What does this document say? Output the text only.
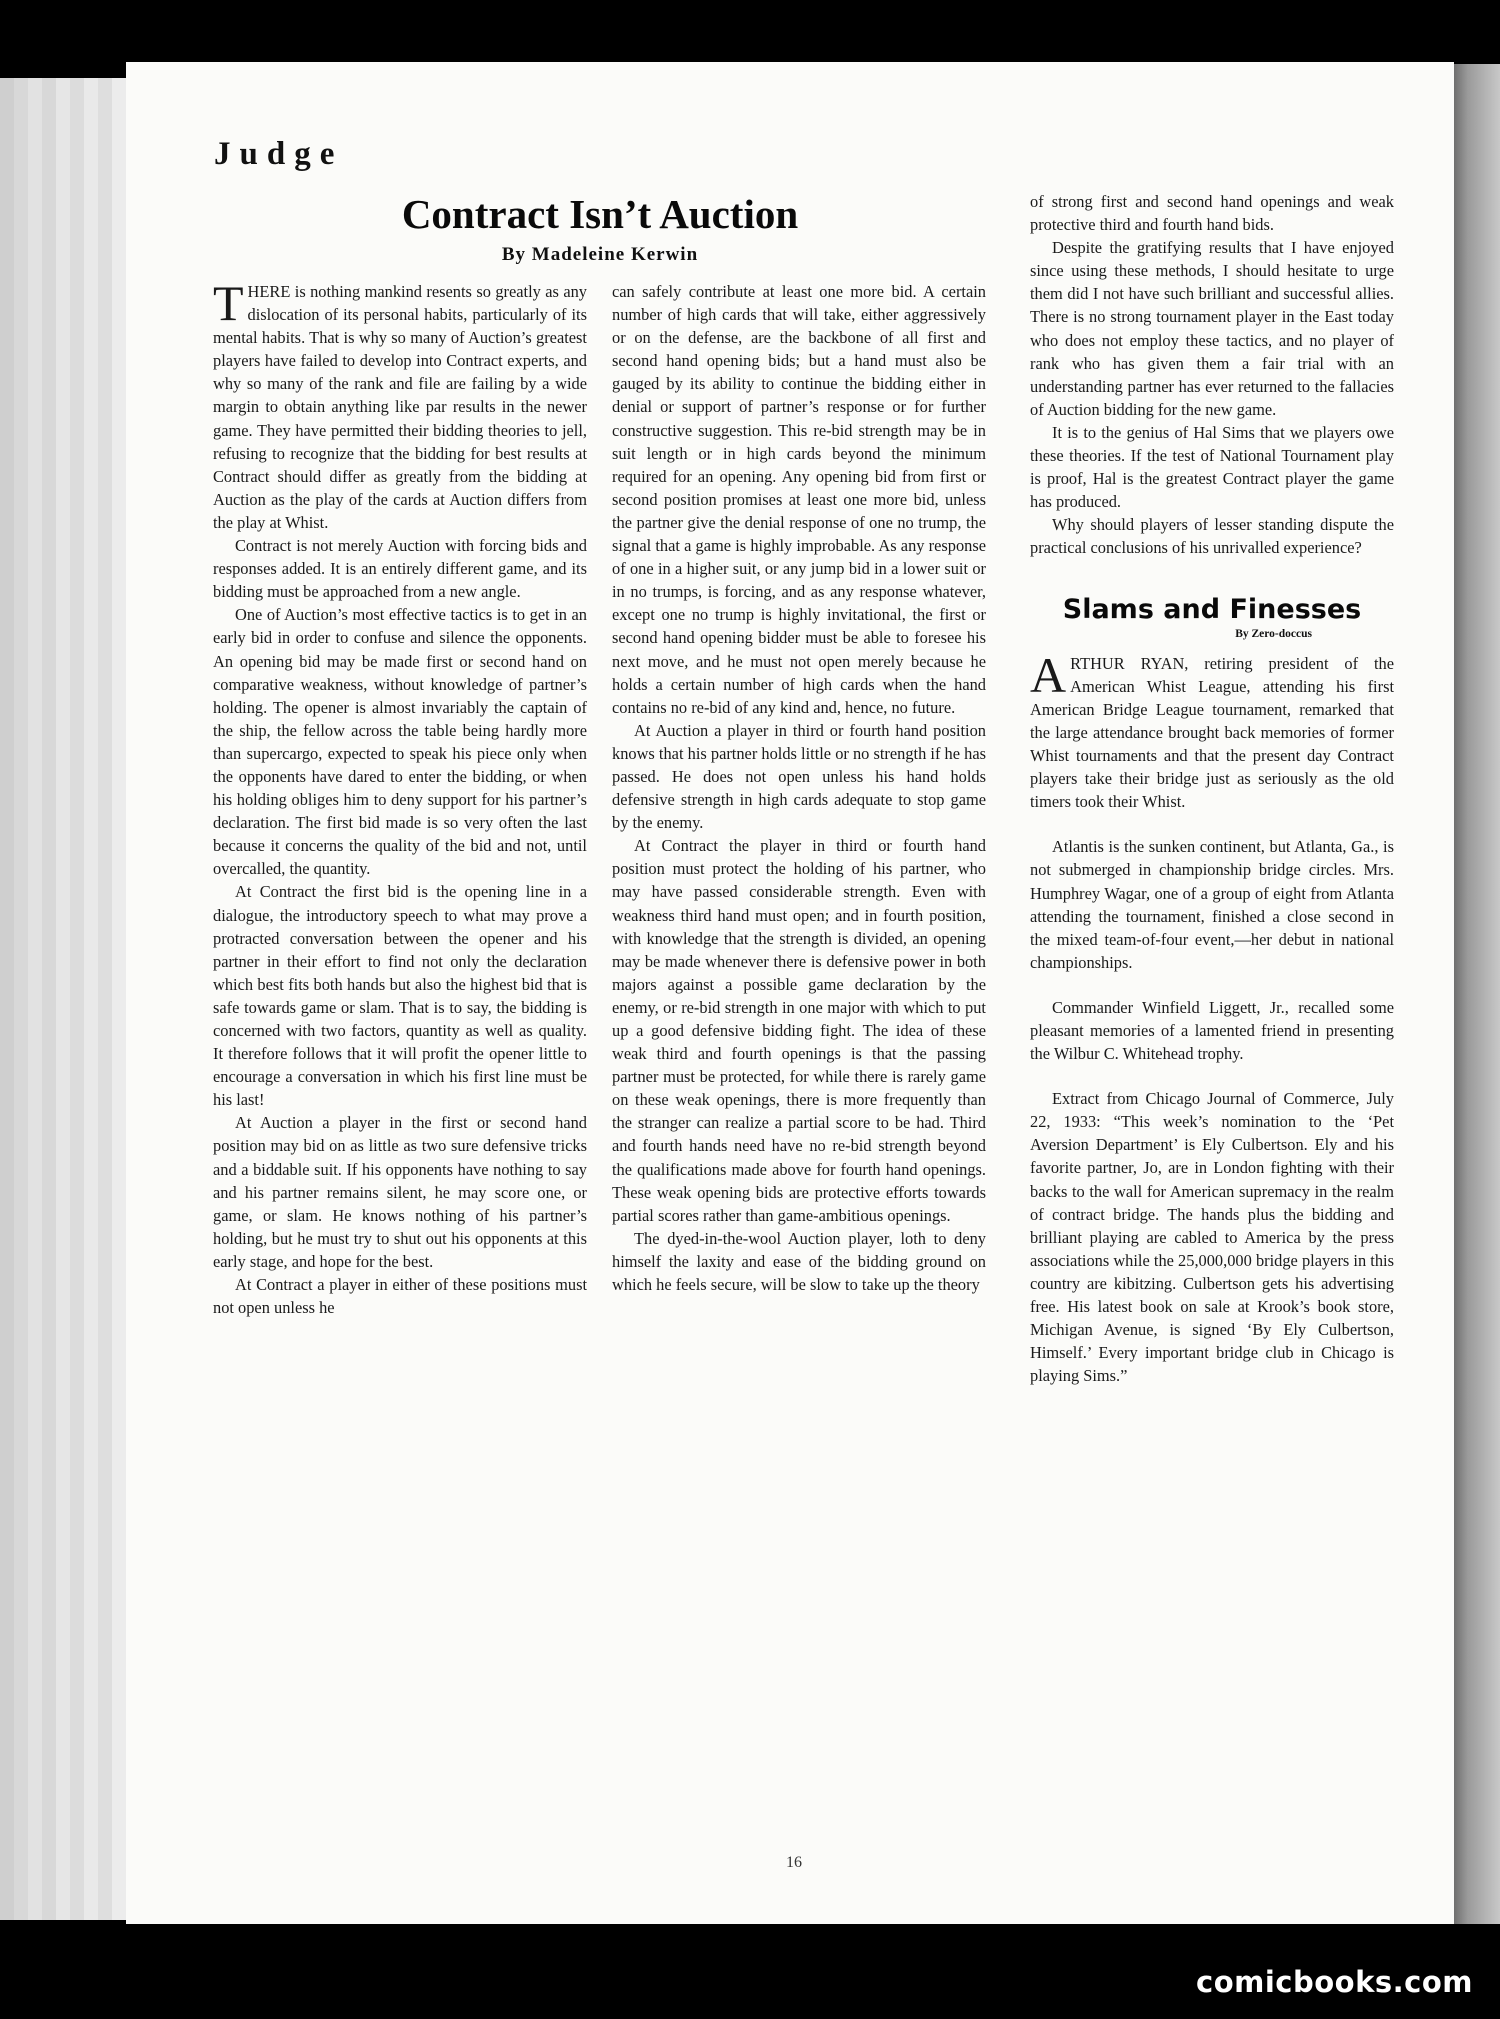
Judge
Contract Isn’t Auction
By Madeleine Kerwin

THERE is nothing mankind resents so greatly as any dislocation of its personal habits, particularly of its mental habits. That is why so many of Auction’s greatest players have failed to develop into Contract experts, and why so many of the rank and file are failing by a wide margin to obtain anything like par results in the newer game. They have permitted their bidding theories to jell, refusing to recognize that the bidding for best results at Contract should differ as greatly from the bidding at Auction as the play of the cards at Auction differs from the play at Whist.

Contract is not merely Auction with forcing bids and responses added. It is an entirely different game, and its bidding must be approached from a new angle.

One of Auction’s most effective tactics is to get in an early bid in order to confuse and silence the opponents. An opening bid may be made first or second hand on comparative weakness, without knowledge of partner’s holding. The opener is almost invariably the captain of the ship, the fellow across the table being hardly more than supercargo, expected to speak his piece only when the opponents have dared to enter the bidding, or when his holding obliges him to deny support for his partner’s declaration. The first bid made is so very often the last because it concerns the quality of the bid and not, until overcalled, the quantity.

At Contract the first bid is the opening line in a dialogue, the introductory speech to what may prove a protracted conversation between the opener and his partner in their effort to find not only the declaration which best fits both hands but also the highest bid that is safe towards game or slam. That is to say, the bidding is concerned with two factors, quantity as well as quality. It therefore follows that it will profit the opener little to encourage a conversation in which his first line must be his last!

At Auction a player in the first or second hand position may bid on as little as two sure defensive tricks and a biddable suit. If his opponents have nothing to say and his partner remains silent, he may score one, or game, or slam. He knows nothing of his partner’s holding, but he must try to shut out his opponents at this early stage, and hope for the best.

At Contract a player in either of these positions must not open unless he

can safely contribute at least one more bid. A certain number of high cards that will take, either aggressively or on the defense, are the backbone of all first and second hand opening bids; but a hand must also be gauged by its ability to continue the bidding either in denial or support of partner’s response or for further constructive suggestion. This re-bid strength may be in suit length or in high cards beyond the minimum required for an opening. Any opening bid from first or second position promises at least one more bid, unless the partner give the denial response of one no trump, the signal that a game is highly improbable. As any response of one in a higher suit, or any jump bid in a lower suit or in no trumps, is forcing, and as any response whatever, except one no trump is highly invitational, the first or second hand opening bidder must be able to foresee his next move, and he must not open merely because he holds a certain number of high cards when the hand contains no re-bid of any kind and, hence, no future.

At Auction a player in third or fourth hand position knows that his partner holds little or no strength if he has passed. He does not open unless his hand holds defensive strength in high cards adequate to stop game by the enemy.

At Contract the player in third or fourth hand position must protect the holding of his partner, who may have passed considerable strength. Even with weakness third hand must open; and in fourth position, with knowledge that the strength is divided, an opening may be made whenever there is defensive power in both majors against a possible game declaration by the enemy, or re-bid strength in one major with which to put up a good defensive bidding fight. The idea of these weak third and fourth openings is that the passing partner must be protected, for while there is rarely game on these weak openings, there is more frequently than the stranger can realize a partial score to be had. Third and fourth hands need have no re-bid strength beyond the qualifications made above for fourth hand openings. These weak opening bids are protective efforts towards partial scores rather than game-ambitious openings.

The dyed-in-the-wool Auction player, loth to deny himself the laxity and ease of the bidding ground on which he feels secure, will be slow to take up the theory

of strong first and second hand openings and weak protective third and fourth hand bids.

Despite the gratifying results that I have enjoyed since using these methods, I should hesitate to urge them did I not have such brilliant and successful allies. There is no strong tournament player in the East today who does not employ these tactics, and no player of rank who has given them a fair trial with an understanding partner has ever returned to the fallacies of Auction bidding for the new game.

It is to the genius of Hal Sims that we players owe these theories. If the test of National Tournament play is proof, Hal is the greatest Contract player the game has produced.

Why should players of lesser standing dispute the practical conclusions of his unrivalled experience?

Slams and Finesses
By Zero-doccus

ARTHUR RYAN, retiring president of the American Whist League, attending his first American Bridge League tournament, remarked that the large attendance brought back memories of former Whist tournaments and that the present day Contract players take their bridge just as seriously as the old timers took their Whist.

Atlantis is the sunken continent, but Atlanta, Ga., is not submerged in championship bridge circles. Mrs. Humphrey Wagar, one of a group of eight from Atlanta attending the tournament, finished a close second in the mixed team-of-four event,—her debut in national championships.

Commander Winfield Liggett, Jr., recalled some pleasant memories of a lamented friend in presenting the Wilbur C. Whitehead trophy.

Extract from Chicago Journal of Commerce, July 22, 1933: “This week’s nomination to the ‘Pet Aversion Department’ is Ely Culbertson. Ely and his favorite partner, Jo, are in London fighting with their backs to the wall for American supremacy in the realm of contract bridge. The hands plus the bidding and brilliant playing are cabled to America by the press associations while the 25,000,000 bridge players in this country are kibitzing. Culbertson gets his advertising free. His latest book on sale at Krook’s book store, Michigan Avenue, is signed ‘By Ely Culbertson, Himself.’ Every important bridge club in Chicago is playing Sims.”

16
comicbooks.com
